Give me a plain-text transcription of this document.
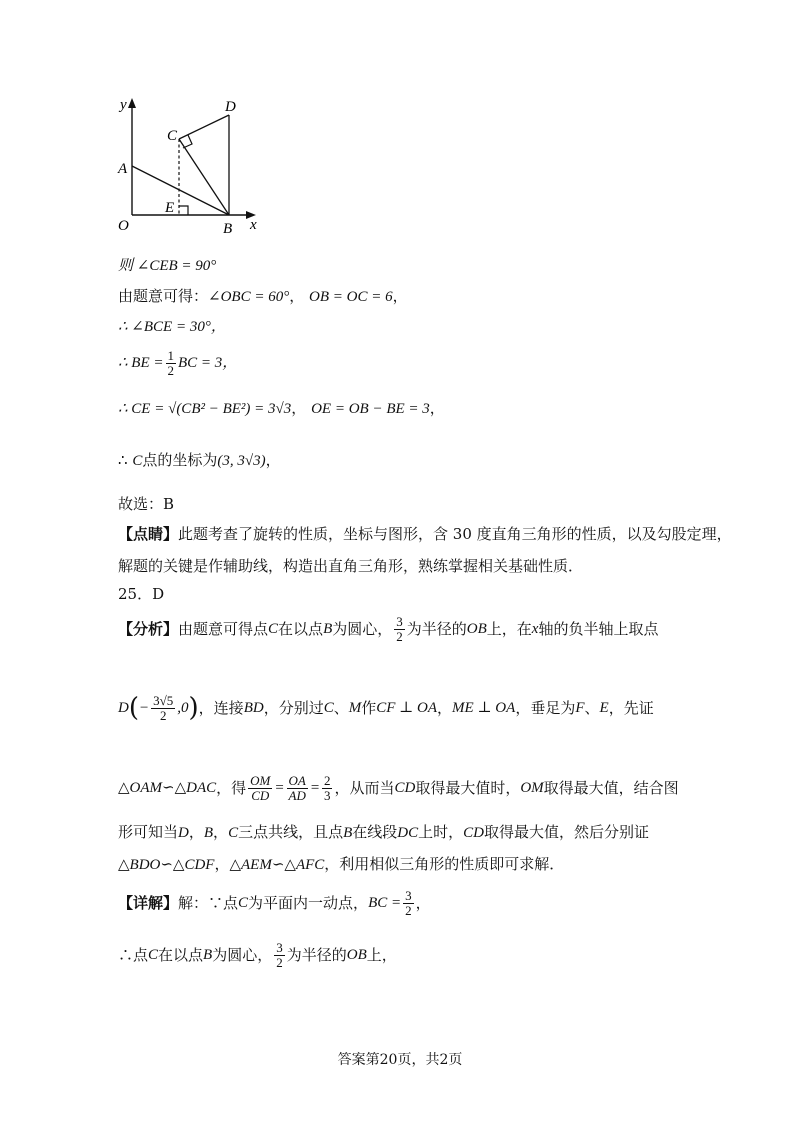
y
x
O
A
B
C
D
E
则 ∠CEB = 90°
由题意可得：∠OBC = 60°， OB = OC = 6，
∴ ∠BCE = 30°，
∴ BE = $\frac{1}{2}$ BC = 3，
∴ CE = √(CB² − BE²) = 3√3， OE = OB − BE = 3，
∴ C点的坐标为(3, 3√3)，
故选：B
【点睛】此题考查了旋转的性质，坐标与图形，含 30 度直角三角形的性质，以及勾股定理，
解题的关键是作辅助线，构造出直角三角形，熟练掌握相关基础性质．
25．D
【分析】 由题意可得点 C 在以点 B 为圆心， $\frac{3}{2}$ 为半径的 OB 上，在 x 轴的负半轴上取点
D ( − $\frac{3√5}{2} ,0$ ) ，连接 BD ，分别过 C 、 M 作 CF ⊥ OA ， ME ⊥ OA ，垂足为 F 、 E ，先证
△OAM∽△DAC ，得 $\frac{OM}{CD} = \frac{OA}{AD} = \frac{2}{3}$ ，从而当 CD 取得最大值时， OM 取得最大值，结合图
形可知当D，B，C三点共线，且点B在线段DC上时，CD取得最大值，然后分别证
△BDO∽△CDF，△AEM∽△AFC，利用相似三角形的性质即可求解．
【详解】 解：∵点 C 为平面内一动点， BC = $\frac{3}{2}$ ，
∴点 C 在以点 B 为圆心， $\frac{3}{2}$ 为半径的 OB 上，
答案第20页，共2页
